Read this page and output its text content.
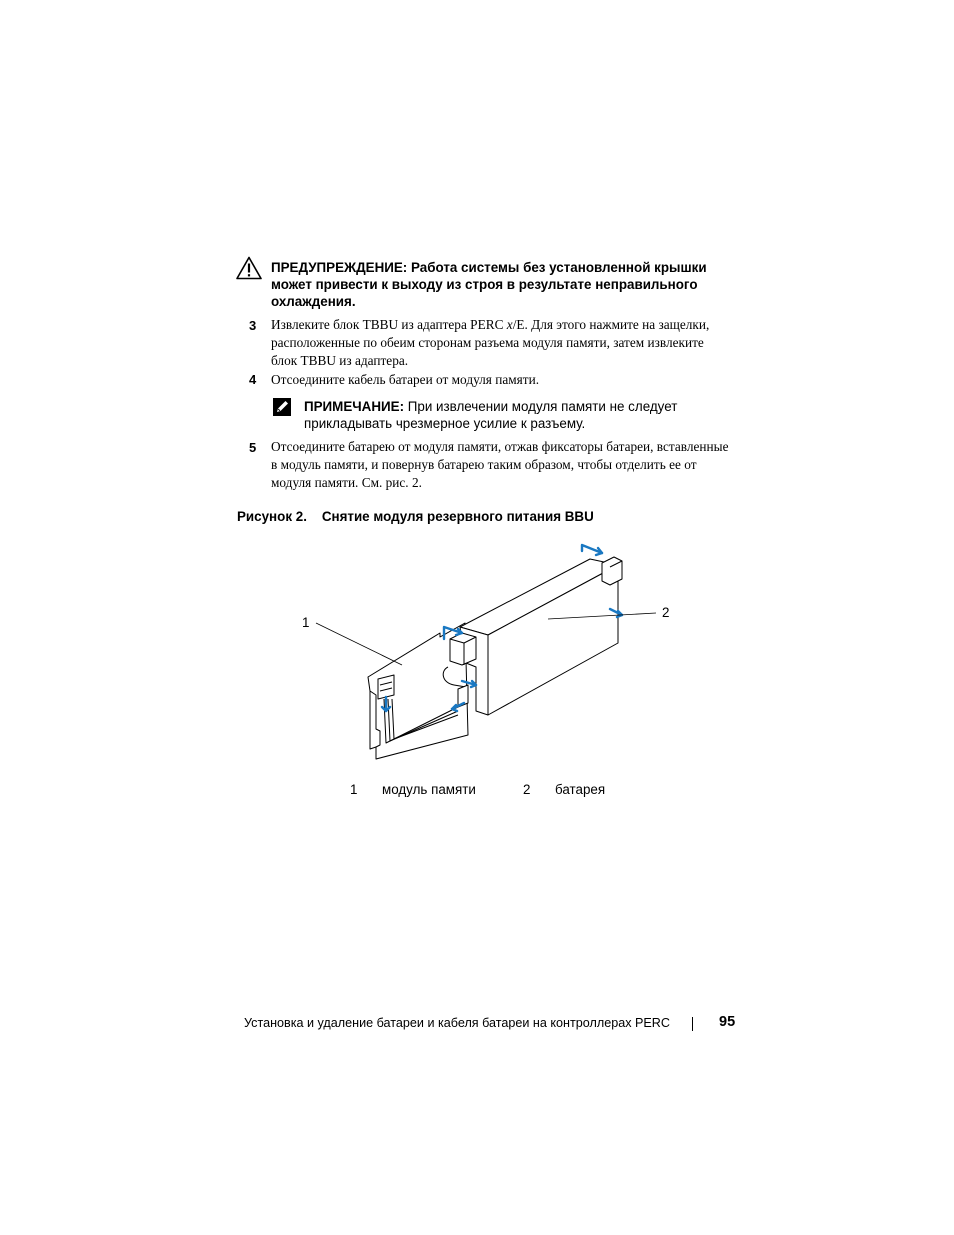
ПРЕДУПРЕЖДЕНИЕ: Работа системы без установленной крышки
может привести к выходу из строя в результате неправильного
охлаждения.
3 Извлеките блок TBBU из адаптера PERC x/E. Для этого нажмите на защелки,
расположенные по обеим сторонам разъема модуля памяти, затем извлеките
блок TBBU из адаптера.
4 Отсоедините кабель батареи от модуля памяти.
ПРИМЕЧАНИЕ: При извлечении модуля памяти не следует
прикладывать чрезмерное усилие к разъему.
5 Отсоедините батарею от модуля памяти, отжав фиксаторы батареи, вставленные
в модуль памяти, и повернув батарею таким образом, чтобы отделить ее от
модуля памяти. См. рис. 2.
Рисунок 2. Снятие модуля резервного питания BBU
1
2
1 модуль памяти	2 батарея
Установка и удаление батареи и кабеля батареи на контроллерах PERC	95
